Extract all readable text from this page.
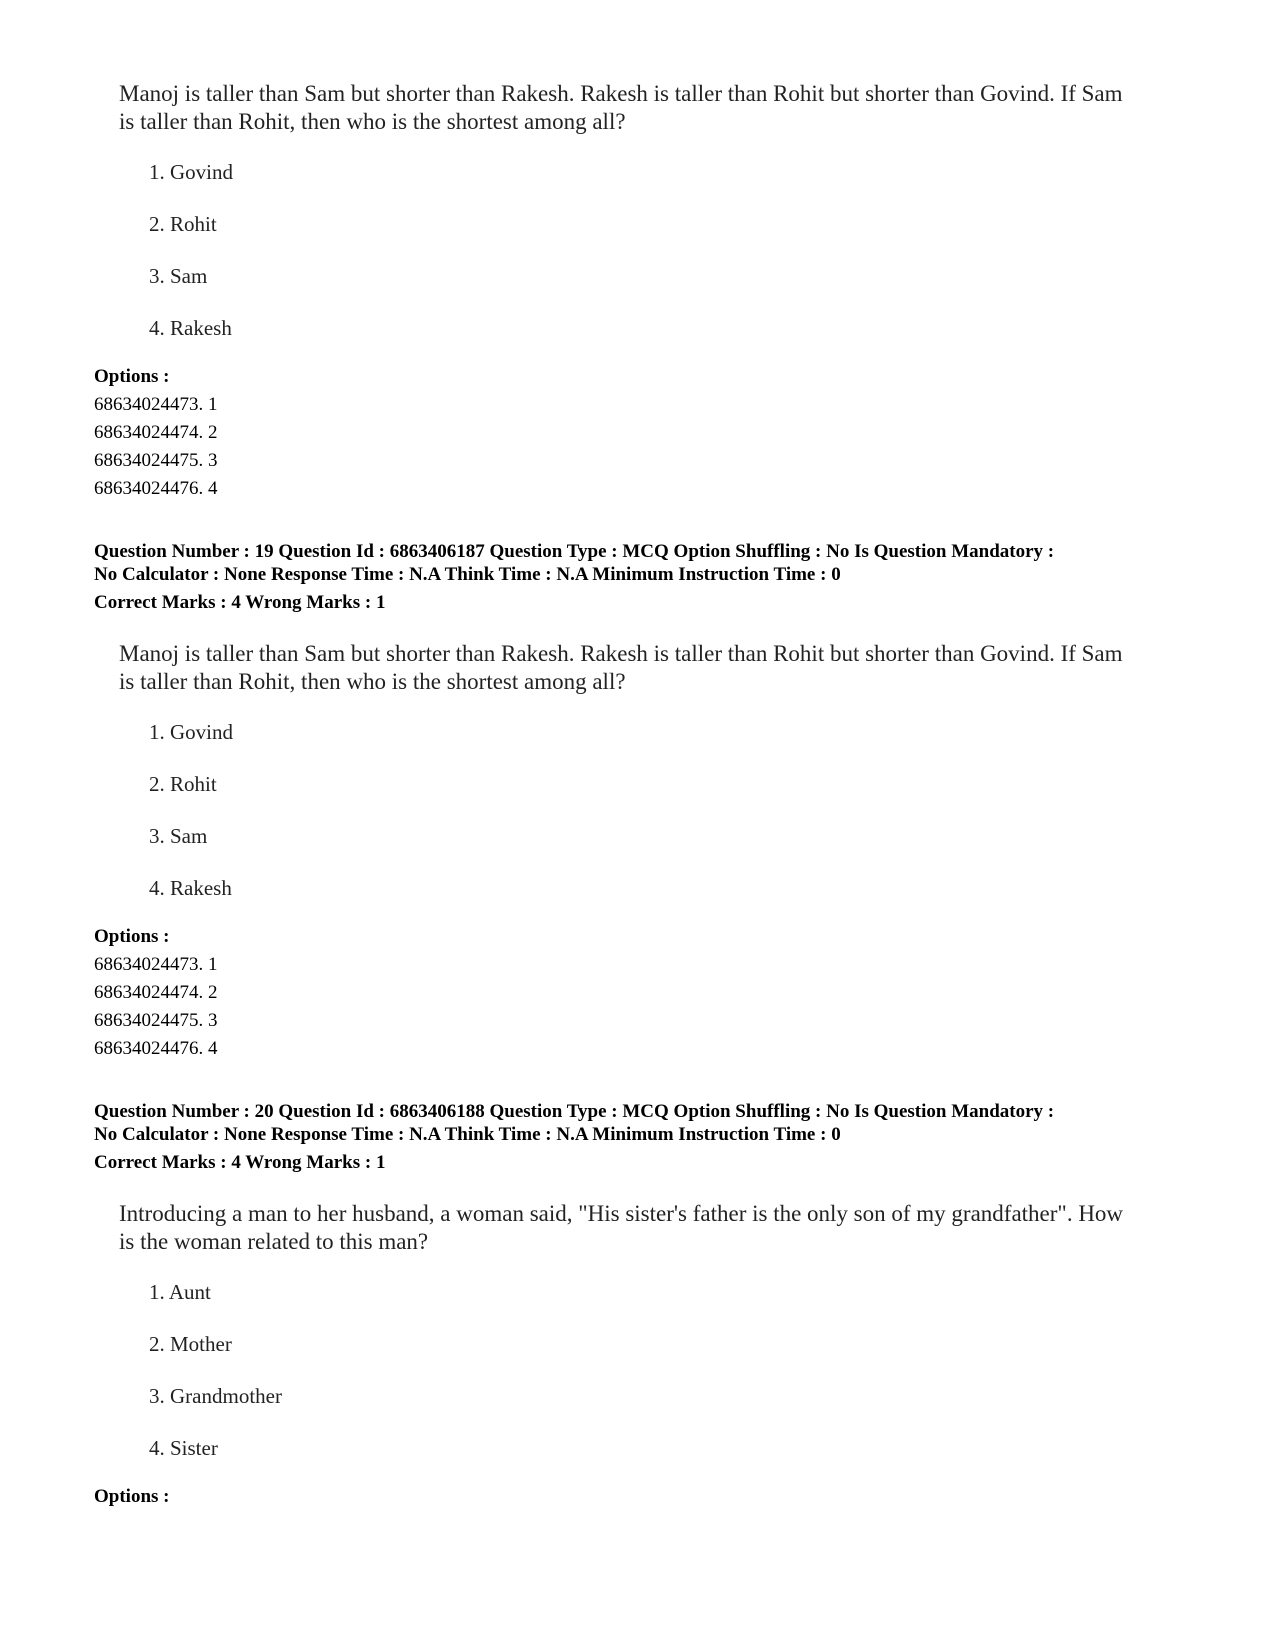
Manoj is taller than Sam but shorter than Rakesh. Rakesh is taller than Rohit but shorter than Govind. If Sam
is taller than Rohit, then who is the shortest among all?
1. Govind
2. Rohit
3. Sam
4. Rakesh
Options :
68634024473. 1
68634024474. 2
68634024475. 3
68634024476. 4
Question Number : 19 Question Id : 6863406187 Question Type : MCQ Option Shuffling : No Is Question Mandatory :
No Calculator : None Response Time : N.A Think Time : N.A Minimum Instruction Time : 0
Correct Marks : 4 Wrong Marks : 1
Manoj is taller than Sam but shorter than Rakesh. Rakesh is taller than Rohit but shorter than Govind. If Sam
is taller than Rohit, then who is the shortest among all?
1. Govind
2. Rohit
3. Sam
4. Rakesh
Options :
68634024473. 1
68634024474. 2
68634024475. 3
68634024476. 4
Question Number : 20 Question Id : 6863406188 Question Type : MCQ Option Shuffling : No Is Question Mandatory :
No Calculator : None Response Time : N.A Think Time : N.A Minimum Instruction Time : 0
Correct Marks : 4 Wrong Marks : 1
Introducing a man to her husband, a woman said, "His sister's father is the only son of my grandfather". How
is the woman related to this man?
1. Aunt
2. Mother
3. Grandmother
4. Sister
Options :
